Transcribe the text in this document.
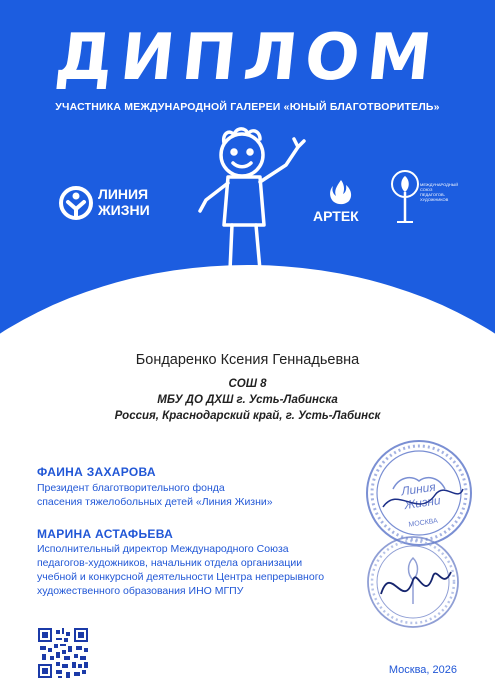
ДИПЛОМ
УЧАСТНИКА МЕЖДУНАРОДНОЙ ГАЛЕРЕИ «ЮНЫЙ БЛАГОТВОРИТЕЛЬ»
ЛИНИЯ
ЖИЗНИ	АРТЕК
МЕЖДУНАРОДНЫЙ
СОЮЗ
ПЕДАГОГОВ-
ХУДОЖНИКОВ
Бондаренко Ксения Геннадьевна
СОШ 8
МБУ ДО ДХШ г. Усть-Лабинска
Россия, Краснодарский край, г. Усть-Лабинск
ФАИНА ЗАХАРОВА
Президент благотворительного фонда
спасения тяжелобольных детей «Линия Жизни»
МАРИНА АСТАФЬЕВА
Исполнительный директор Международного Союза
педагогов-художников, начальник отдела организации
учебной и конкурсной деятельности Центра непрерывного
художественного образования ИНО МГПУ
Линия
Жизни
МОСКВА
Москва, 2026
